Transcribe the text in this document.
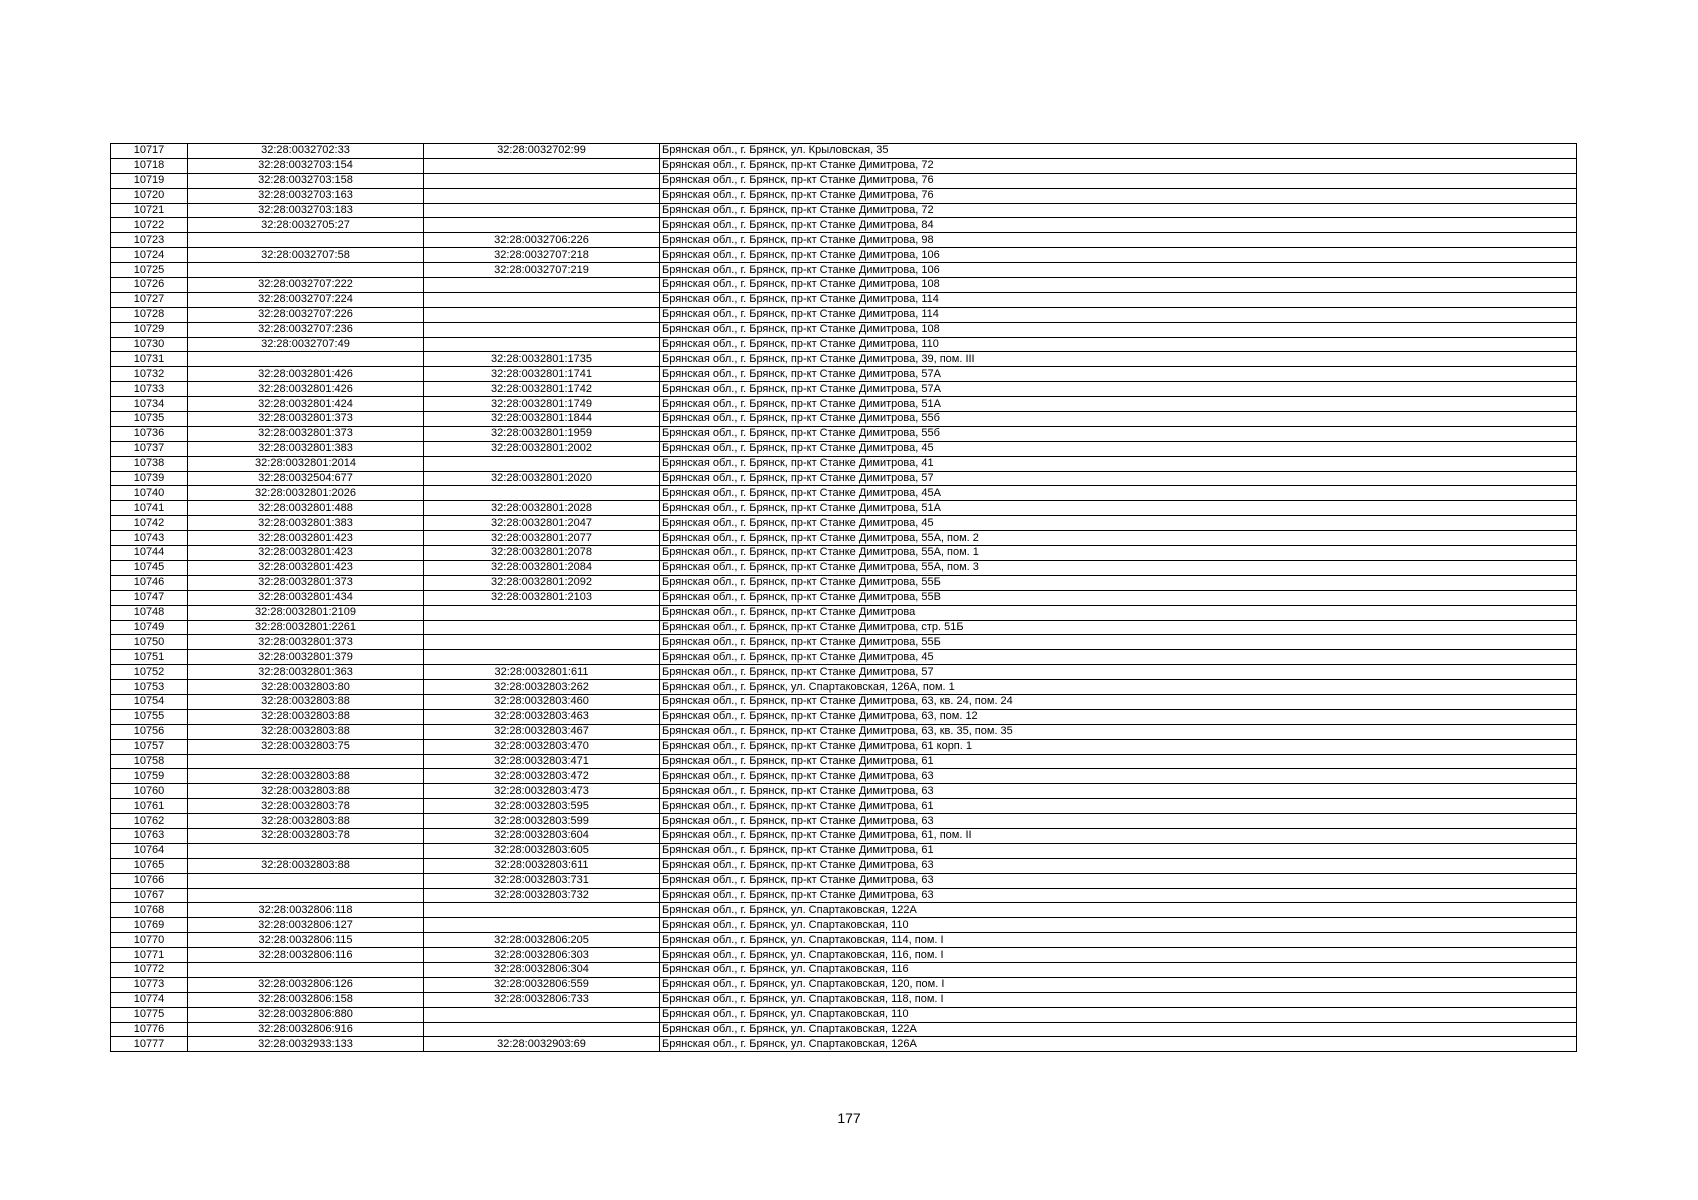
10717	32:28:0032702:33	32:28:0032702:99	Брянская обл., г. Брянск, ул. Крыловская, 35
10718	32:28:0032703:154		Брянская обл., г. Брянск, пр-кт Станке Димитрова, 72
10719	32:28:0032703:158		Брянская обл., г. Брянск, пр-кт Станке Димитрова, 76
10720	32:28:0032703:163		Брянская обл., г. Брянск, пр-кт Станке Димитрова, 76
10721	32:28:0032703:183		Брянская обл., г. Брянск, пр-кт Станке Димитрова, 72
10722	32:28:0032705:27		Брянская обл., г. Брянск, пр-кт Станке Димитрова, 84
10723		32:28:0032706:226	Брянская обл., г. Брянск, пр-кт Станке Димитрова, 98
10724	32:28:0032707:58	32:28:0032707:218	Брянская обл., г. Брянск, пр-кт Станке Димитрова, 106
10725		32:28:0032707:219	Брянская обл., г. Брянск, пр-кт Станке Димитрова, 106
10726	32:28:0032707:222		Брянская обл., г. Брянск, пр-кт Станке Димитрова, 108
10727	32:28:0032707:224		Брянская обл., г. Брянск, пр-кт Станке Димитрова, 114
10728	32:28:0032707:226		Брянская обл., г. Брянск, пр-кт Станке Димитрова, 114
10729	32:28:0032707:236		Брянская обл., г. Брянск, пр-кт Станке Димитрова, 108
10730	32:28:0032707:49		Брянская обл., г. Брянск, пр-кт Станке Димитрова, 110
10731		32:28:0032801:1735	Брянская обл., г. Брянск, пр-кт Станке Димитрова, 39, пом. III
10732	32:28:0032801:426	32:28:0032801:1741	Брянская обл., г. Брянск, пр-кт Станке Димитрова, 57А
10733	32:28:0032801:426	32:28:0032801:1742	Брянская обл., г. Брянск, пр-кт Станке Димитрова, 57А
10734	32:28:0032801:424	32:28:0032801:1749	Брянская обл., г. Брянск, пр-кт Станке Димитрова, 51А
10735	32:28:0032801:373	32:28:0032801:1844	Брянская обл., г. Брянск, пр-кт Станке Димитрова, 55б
10736	32:28:0032801:373	32:28:0032801:1959	Брянская обл., г. Брянск, пр-кт Станке Димитрова, 55б
10737	32:28:0032801:383	32:28:0032801:2002	Брянская обл., г. Брянск, пр-кт Станке Димитрова, 45
10738	32:28:0032801:2014		Брянская обл., г. Брянск, пр-кт Станке Димитрова, 41
10739	32:28:0032504:677	32:28:0032801:2020	Брянская обл., г. Брянск, пр-кт Станке Димитрова, 57
10740	32:28:0032801:2026		Брянская обл., г. Брянск, пр-кт Станке Димитрова, 45А
10741	32:28:0032801:488	32:28:0032801:2028	Брянская обл., г. Брянск, пр-кт Станке Димитрова, 51А
10742	32:28:0032801:383	32:28:0032801:2047	Брянская обл., г. Брянск, пр-кт Станке Димитрова, 45
10743	32:28:0032801:423	32:28:0032801:2077	Брянская обл., г. Брянск, пр-кт Станке Димитрова, 55А, пом. 2
10744	32:28:0032801:423	32:28:0032801:2078	Брянская обл., г. Брянск, пр-кт Станке Димитрова, 55А, пом. 1
10745	32:28:0032801:423	32:28:0032801:2084	Брянская обл., г. Брянск, пр-кт Станке Димитрова, 55А, пом. 3
10746	32:28:0032801:373	32:28:0032801:2092	Брянская обл., г. Брянск, пр-кт Станке Димитрова, 55Б
10747	32:28:0032801:434	32:28:0032801:2103	Брянская обл., г. Брянск, пр-кт Станке Димитрова, 55В
10748	32:28:0032801:2109		Брянская обл., г. Брянск, пр-кт Станке Димитрова
10749	32:28:0032801:2261		Брянская обл., г. Брянск, пр-кт Станке Димитрова, стр. 51Б
10750	32:28:0032801:373		Брянская обл., г. Брянск, пр-кт Станке Димитрова, 55Б
10751	32:28:0032801:379		Брянская обл., г. Брянск, пр-кт Станке Димитрова, 45
10752	32:28:0032801:363	32:28:0032801:611	Брянская обл., г. Брянск, пр-кт Станке Димитрова, 57
10753	32:28:0032803:80	32:28:0032803:262	Брянская обл., г. Брянск, ул. Спартаковская, 126А, пом. 1
10754	32:28:0032803:88	32:28:0032803:460	Брянская обл., г. Брянск, пр-кт Станке Димитрова, 63, кв. 24, пом. 24
10755	32:28:0032803:88	32:28:0032803:463	Брянская обл., г. Брянск, пр-кт Станке Димитрова, 63, пом. 12
10756	32:28:0032803:88	32:28:0032803:467	Брянская обл., г. Брянск, пр-кт Станке Димитрова, 63, кв. 35, пом. 35
10757	32:28:0032803:75	32:28:0032803:470	Брянская обл., г. Брянск, пр-кт Станке Димитрова, 61 корп. 1
10758		32:28:0032803:471	Брянская обл., г. Брянск, пр-кт Станке Димитрова, 61
10759	32:28:0032803:88	32:28:0032803:472	Брянская обл., г. Брянск, пр-кт Станке Димитрова, 63
10760	32:28:0032803:88	32:28:0032803:473	Брянская обл., г. Брянск, пр-кт Станке Димитрова, 63
10761	32:28:0032803:78	32:28:0032803:595	Брянская обл., г. Брянск, пр-кт Станке Димитрова, 61
10762	32:28:0032803:88	32:28:0032803:599	Брянская обл., г. Брянск, пр-кт Станке Димитрова, 63
10763	32:28:0032803:78	32:28:0032803:604	Брянская обл., г. Брянск, пр-кт Станке Димитрова, 61, пом. II
10764		32:28:0032803:605	Брянская обл., г. Брянск, пр-кт Станке Димитрова, 61
10765	32:28:0032803:88	32:28:0032803:611	Брянская обл., г. Брянск, пр-кт Станке Димитрова, 63
10766		32:28:0032803:731	Брянская обл., г. Брянск, пр-кт Станке Димитрова, 63
10767		32:28:0032803:732	Брянская обл., г. Брянск, пр-кт Станке Димитрова, 63
10768	32:28:0032806:118		Брянская обл., г. Брянск, ул. Спартаковская, 122А
10769	32:28:0032806:127		Брянская обл., г. Брянск, ул. Спартаковская, 110
10770	32:28:0032806:115	32:28:0032806:205	Брянская обл., г. Брянск, ул. Спартаковская, 114, пом. I
10771	32:28:0032806:116	32:28:0032806:303	Брянская обл., г. Брянск, ул. Спартаковская, 116, пом. I
10772		32:28:0032806:304	Брянская обл., г. Брянск, ул. Спартаковская, 116
10773	32:28:0032806:126	32:28:0032806:559	Брянская обл., г. Брянск, ул. Спартаковская, 120, пом. I
10774	32:28:0032806:158	32:28:0032806:733	Брянская обл., г. Брянск, ул. Спартаковская, 118, пом. I
10775	32:28:0032806:880		Брянская обл., г. Брянск, ул. Спартаковская, 110
10776	32:28:0032806:916		Брянская обл., г. Брянск, ул. Спартаковская, 122А
10777	32:28:0032933:133	32:28:0032903:69	Брянская обл., г. Брянск, ул. Спартаковская, 126А
177
